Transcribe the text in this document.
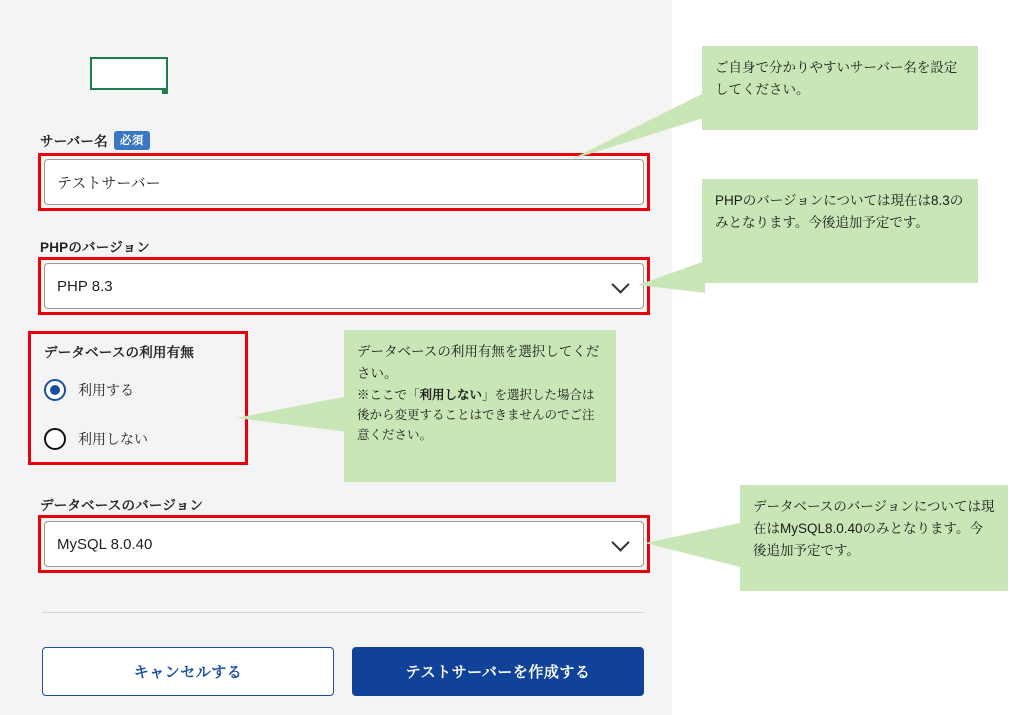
サーバー名 必須
テストサーバー
PHPのバージョン
PHP 8.3
データベースの利用有無
利用する
利用しない
データベースのバージョン
MySQL 8.0.40
キャンセルする	テストサーバーを作成する
ご自身で分かりやすいサーバー名を設定してください。
PHPのバージョンについては現在は8.3のみとなります。今後追加予定です。
データベースの利用有無を選択してください。
※ここで「利用しない」を選択した場合は後から変更することはできませんのでご注意ください。
データベースのバージョンについては現在はMySQL8.0.40のみとなります。今後追加予定です。
